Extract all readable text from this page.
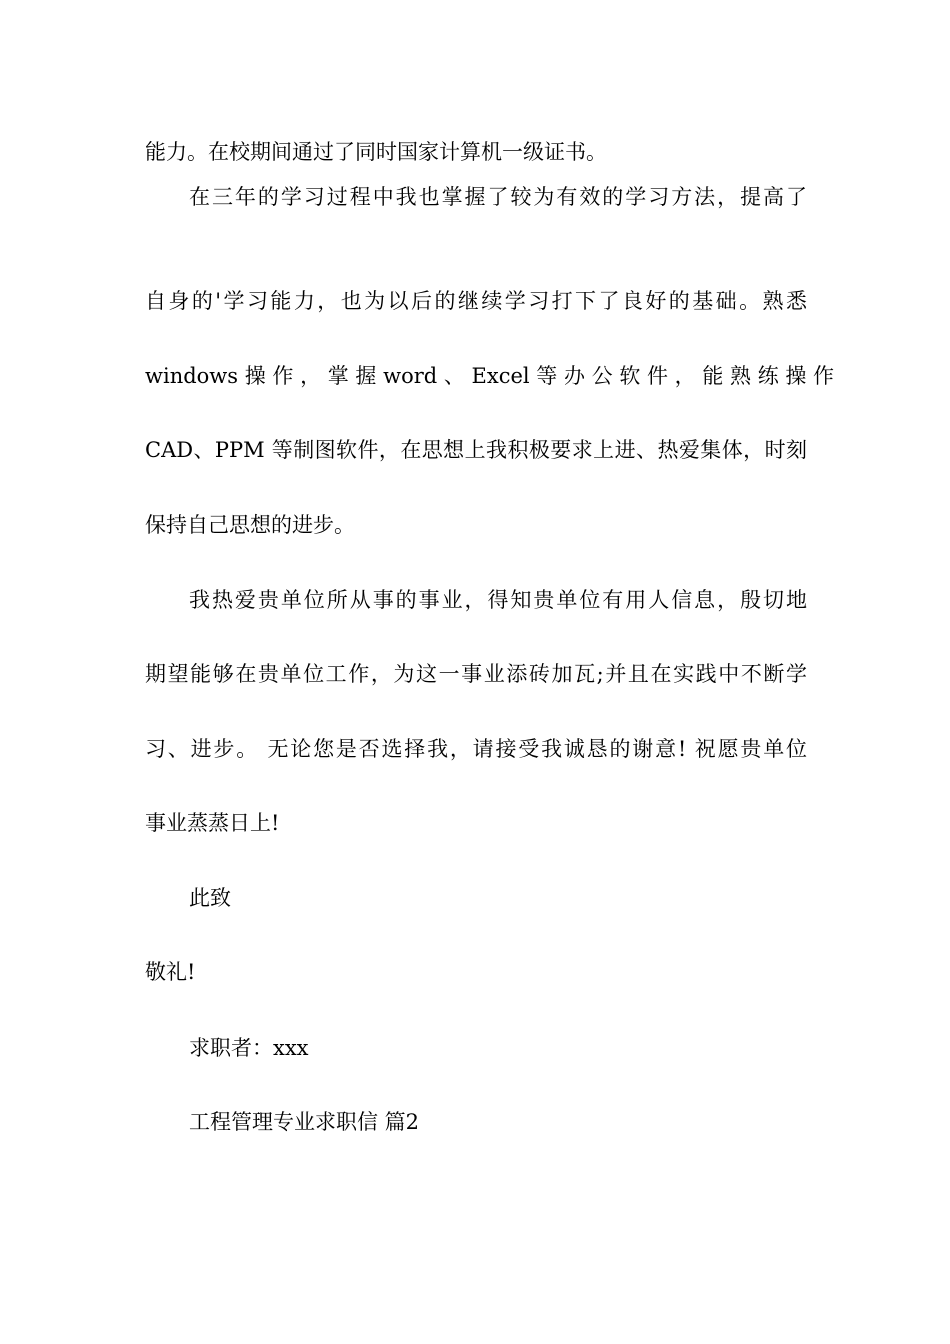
能力。在校期间通过了同时国家计算机一级证书。
在三年的学习过程中我也掌握了较为有效的学习方法，提高了
自身的'学习能力，也为以后的继续学习打下了良好的基础。熟悉
windows 操 作 ， 掌 握 word 、 Excel 等 办 公 软 件 ， 能 熟 练 操 作
CAD、PPM 等制图软件，在思想上我积极要求上进、热爱集体，时刻
保持自己思想的进步。
我热爱贵单位所从事的事业，得知贵单位有用人信息，殷切地
期望能够在贵单位工作，为这一事业添砖加瓦;并且在实践中不断学
习、进步。 无论您是否选择我，请接受我诚恳的谢意! 祝愿贵单位
事业蒸蒸日上!
此致
敬礼!
求职者：xxx
工程管理专业求职信 篇2
